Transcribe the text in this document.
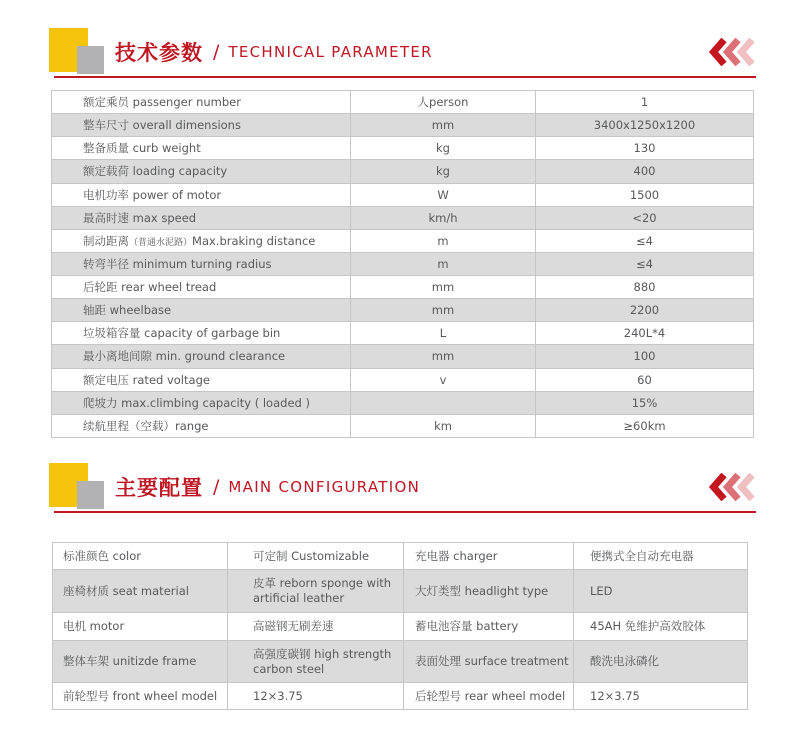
技术参数 / TECHNICAL PARAMETER
额定乘员 passenger number	人person	1
整车尺寸 overall dimensions	mm	3400x1250x1200
整备质量 curb weight	kg	130
额定载荷 loading capacity	kg	400
电机功率 power of motor	W	1500
最高时速 max speed	km/h	<20
制动距离（普通水泥路）Max.braking distance	m	≤4
转弯半径 minimum turning radius	m	≤4
后轮距 rear wheel tread	mm	880
轴距 wheelbase	mm	2200
垃圾箱容量 capacity of garbage bin	L	240L*4
最小离地间隙 min. ground clearance	mm	100
额定电压 rated voltage	v	60
爬坡力 max.climbing capacity ( loaded )		15%
续航里程（空载）range	km	≥60km
主要配置 / MAIN CONFIGURATION
标准颜色 color	可定制 Customizable	充电器 charger	便携式全自动充电器
座椅材质 seat material	皮革 reborn sponge with artificial leather	大灯类型 headlight type	LED
电机 motor	高磁钢无刷差速	蓄电池容量 battery	45AH 免维护高效胶体
整体车架 unitizde frame	高强度碳钢 high strength carbon steel	表面处理 surface treatment	酸洗电泳磷化
前轮型号 front wheel model	12×3.75	后轮型号 rear wheel model	12×3.75
